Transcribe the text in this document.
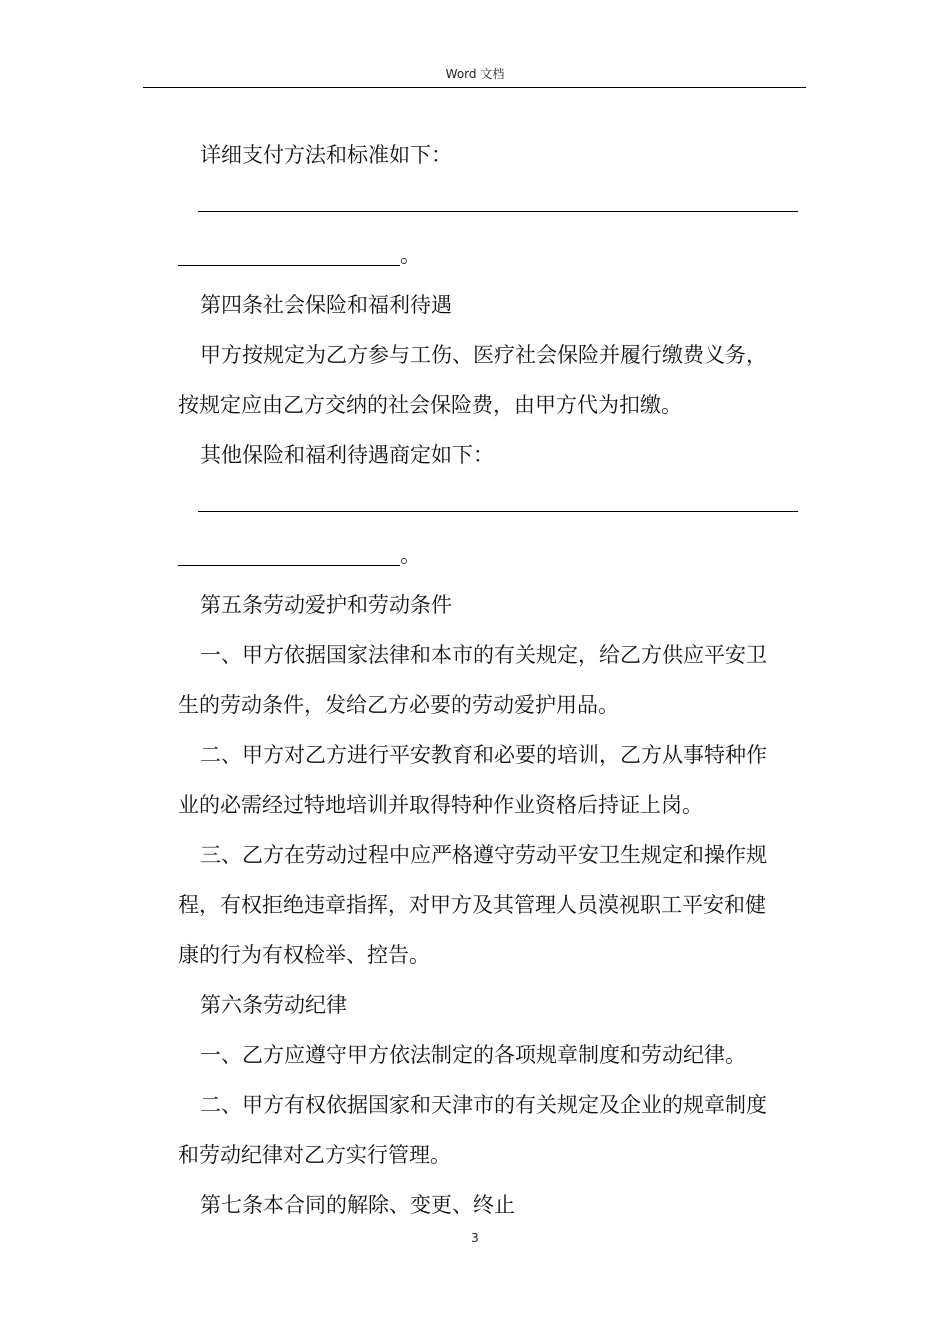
Word 文档
详细支付方法和标准如下：
。
第四条社会保险和福利待遇
甲方按规定为乙方参与工伤、医疗社会保险并履行缴费义务，
按规定应由乙方交纳的社会保险费，由甲方代为扣缴。
其他保险和福利待遇商定如下：
。
第五条劳动爱护和劳动条件
一、甲方依据国家法律和本市的有关规定，给乙方供应平安卫
生的劳动条件，发给乙方必要的劳动爱护用品。
二、甲方对乙方进行平安教育和必要的培训，乙方从事特种作
业的必需经过特地培训并取得特种作业资格后持证上岗。
三、乙方在劳动过程中应严格遵守劳动平安卫生规定和操作规
程，有权拒绝违章指挥，对甲方及其管理人员漠视职工平安和健
康的行为有权检举、控告。
第六条劳动纪律
一、乙方应遵守甲方依法制定的各项规章制度和劳动纪律。
二、甲方有权依据国家和天津市的有关规定及企业的规章制度
和劳动纪律对乙方实行管理。
第七条本合同的解除、变更、终止
3
